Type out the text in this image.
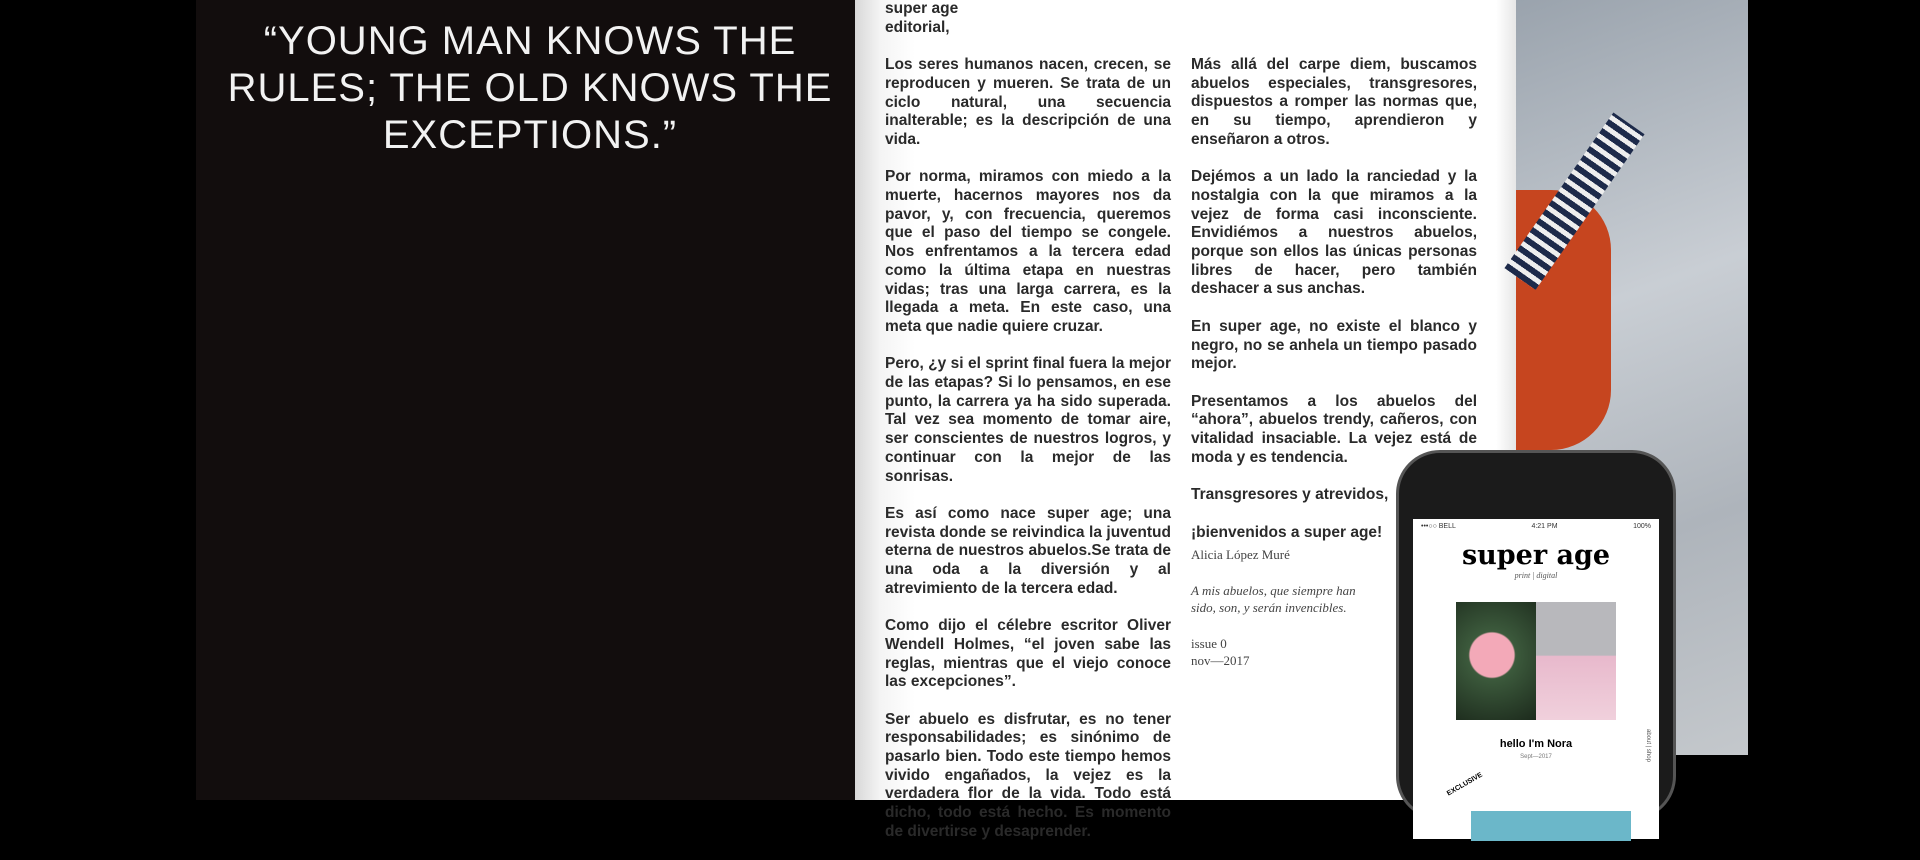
“YOUNG MAN KNOWS THE RULES; THE OLD KNOWS THE EXCEPTIONS.”
super age
editorial,

Los seres humanos nacen, crecen, se reproducen y mueren. Se trata de un ciclo natural, una secuencia inalterable; es la descripción de una vida.

Por norma, miramos con miedo a la muerte, hacernos mayores nos da pavor, y, con frecuencia, queremos que el paso del tiempo se congele. Nos enfrentamos a la tercera edad como la última etapa en nuestras vidas; tras una larga carrera, es la llegada a meta. En este caso, una meta que nadie quiere cruzar.

Pero, ¿y si el sprint final fuera la mejor de las etapas? Si lo pensamos, en ese punto, la carrera ya ha sido superada. Tal vez sea momento de tomar aire, ser conscientes de nuestros logros, y continuar con la mejor de las sonrisas.

Es así como nace super age; una revista donde se reivindica la juventud eterna de nuestros abuelos.Se trata de una oda a la diversión y al atrevimiento de la tercera edad.

Como dijo el célebre escritor Oliver Wendell Holmes, “el joven sabe las reglas, mientras que el viejo conoce las excepciones”.

Ser abuelo es disfrutar, es no tener responsabilidades; es sinónimo de pasarlo bien. Todo este tiempo hemos vivido engañados, la vejez es la verdadera flor de la vida. Todo está dicho, todo está hecho. Es momento de divertirse y desaprender.

Más allá del carpe diem, buscamos abuelos especiales, transgresores, dispuestos a romper las normas que, en su tiempo, aprendieron y enseñaron a otros.

Dejémos a un lado la ranciedad y la nostalgia con la que miramos a la vejez de forma casi inconsciente. Envidiémos a nuestros abuelos, porque son ellos las únicas personas libres de hacer, pero también deshacer a sus anchas.

En super age, no existe el blanco y negro, no se anhela un tiempo pasado mejor.

Presentamos a los abuelos del “ahora”, abuelos trendy, cañeros, con vitalidad insaciable. La vejez está de moda y es tendencia.

Transgresores y atrevidos,

¡bienvenidos a super age!

Alicia López Muré

A mis abuelos, que siempre han sido, son, y serán invencibles.

issue 0
nov—2017
•••○○ BELL	4:21 PM	100%
super age
print | digital
hello I'm Nora
Sept—2017	about | shop
EXCLUSIVE
